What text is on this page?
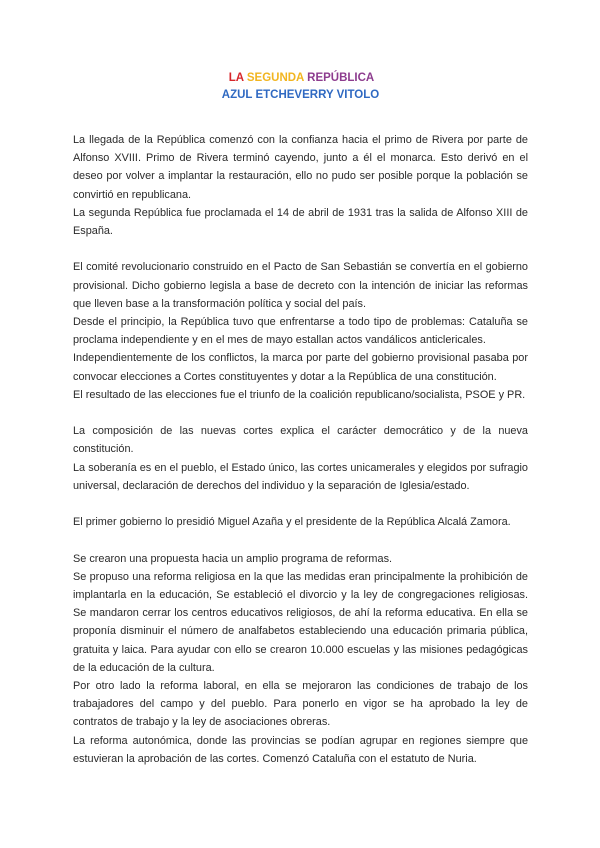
LA SEGUNDA REPÚBLICA

AZUL ETCHEVERRY VITOLO

La llegada de la República comenzó con la confianza hacia el primo de Rivera por parte de Alfonso XVIII. Primo de Rivera terminó cayendo, junto a él el monarca. Esto derivó en el deseo por volver a implantar la restauración, ello no pudo ser posible porque la población se convirtió en republicana.

La segunda República fue proclamada el 14 de abril de 1931 tras la salida de Alfonso XIII de España.

El comité revolucionario construido en el Pacto de San Sebastián se convertía en el gobierno provisional. Dicho gobierno legisla a base de decreto con la intención de iniciar las reformas que lleven base a la transformación política y social del país.

Desde el principio, la República tuvo que enfrentarse a todo tipo de problemas: Cataluña se proclama independiente y en el mes de mayo estallan actos vandálicos anticlericales.

Independientemente de los conflictos, la marca por parte del gobierno provisional pasaba por convocar elecciones a Cortes constituyentes y dotar a la República de una constitución.

El resultado de las elecciones fue el triunfo de la coalición republicano/socialista, PSOE y PR.

La composición de las nuevas cortes explica el carácter democrático y de la nueva constitución.

La soberanía es en el pueblo, el Estado único, las cortes unicamerales y elegidos por sufragio universal, declaración de derechos del individuo y la separación de Iglesia/estado.

El primer gobierno lo presidió Miguel Azaña y el presidente de la República Alcalá Zamora.

Se crearon una propuesta hacia un amplio programa de reformas.

Se propuso una reforma religiosa en la que las medidas eran principalmente la prohibición de implantarla en la educación, Se estableció el divorcio y la ley de congregaciones religiosas. Se mandaron cerrar los centros educativos religiosos, de ahí la reforma educativa. En ella se proponía disminuir el número de analfabetos estableciendo una educación primaria pública, gratuita y laica. Para ayudar con ello se crearon 10.000 escuelas y las misiones pedagógicas de la educación de la cultura.

Por otro lado la reforma laboral, en ella se mejoraron las condiciones de trabajo de los trabajadores del campo y del pueblo. Para ponerlo en vigor se ha aprobado la ley de contratos de trabajo y la ley de asociaciones obreras.

La reforma autonómica, donde las provincias se podían agrupar en regiones siempre que estuvieran la aprobación de las cortes. Comenzó Cataluña con el estatuto de Nuria.
